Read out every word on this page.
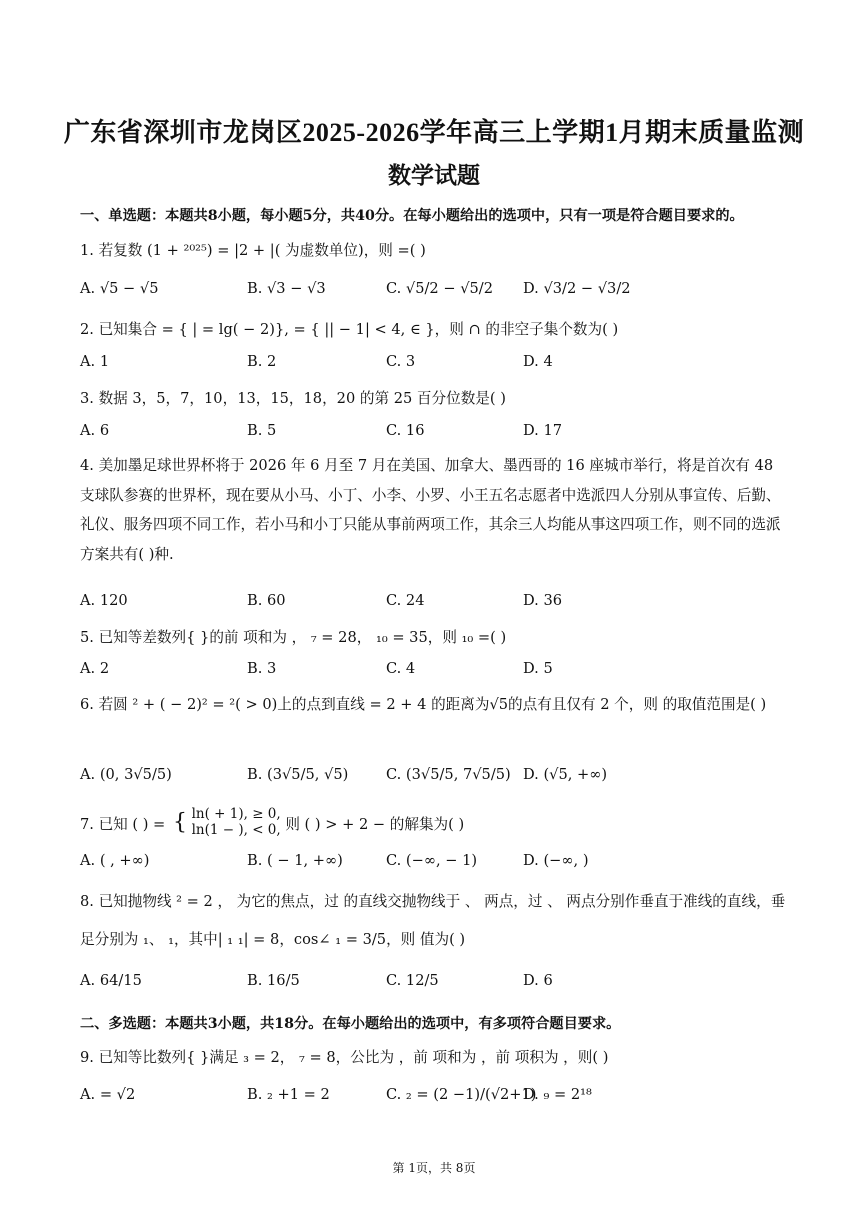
广东省深圳市龙岗区2025-2026学年高三上学期1月期末质量监测
数学试题
一、单选题：本题共8小题，每小题5分，共40分。在每小题给出的选项中，只有一项是符合题目要求的。
1. 若复数 (1 + ²⁰²⁵) = |2 + |( 为虚数单位)，则 =( )
A. √5 − √5	B. √3 − √3	C. √5/2 − √5/2 D. √3/2 − √3/2
2. 已知集合 = { | = lg( − 2)}, = { || − 1| < 4, ∈ }，则 ∩ 的非空子集个数为( )
A. 1	B. 2	C. 3	D. 4
3. 数据 3，5，7，10，13，15，18，20 的第 25 百分位数是( )
A. 6	B. 5	C. 16	D. 17
4. 美加墨足球世界杯将于 2026 年 6 月至 7 月在美国、加拿大、墨西哥的 16 座城市举行，将是首次有 48 支球队参赛的世界杯，现在要从小马、小丁、小李、小罗、小王五名志愿者中选派四人分别从事宣传、后勤、礼仪、服务四项不同工作，若小马和小丁只能从事前两项工作，其余三人均能从事这四项工作，则不同的选派方案共有( )种.
A. 120	B. 60	C. 24	D. 36
5. 已知等差数列{ }的前 项和为 ， ₇ = 28， ₁₀ = 35，则 ₁₀ =( )
A. 2	B. 3	C. 4	D. 5
6. 若圆 ² + ( − 2)² = ²( > 0)上的点到直线 = 2 + 4 的距离为√5的点有且仅有 2 个，则 的取值范围是( )
A. (0, 3√5/5)	B. (3√5/5, √5)	C. (3√5/5, 7√5/5) D. (√5, +∞)
7. 已知 ( ) = { ln( + 1), ≥ 0,
ln(1 − ), < 0, 则 ( ) > + 2 − 的解集为( )
A. ( , +∞)	B. ( − 1, +∞)	C. (−∞, − 1)	D. (−∞, )
8. 已知抛物线 ² = 2 ， 为它的焦点，过 的直线交抛物线于 、 两点，过 、 两点分别作垂直于准线的直线，垂足分别为 ₁、 ₁，其中| ₁ ₁| = 8，cos∠ ₁ = 3/5，则 值为( )
A. 64/15	B. 16/5	C. 12/5	D. 6
二、多选题：本题共3小题，共18分。在每小题给出的选项中，有多项符合题目要求。
9. 已知等比数列{ }满足 ₃ = 2， ₇ = 8，公比为 ，前 项和为 ，前 项积为 ，则( )
A. = √2	B. ₂ +1 = 2	C. ₂ = (2 −1)/(√2+1)
D. ₉ = 2¹⁸
第 1页，共 8页
